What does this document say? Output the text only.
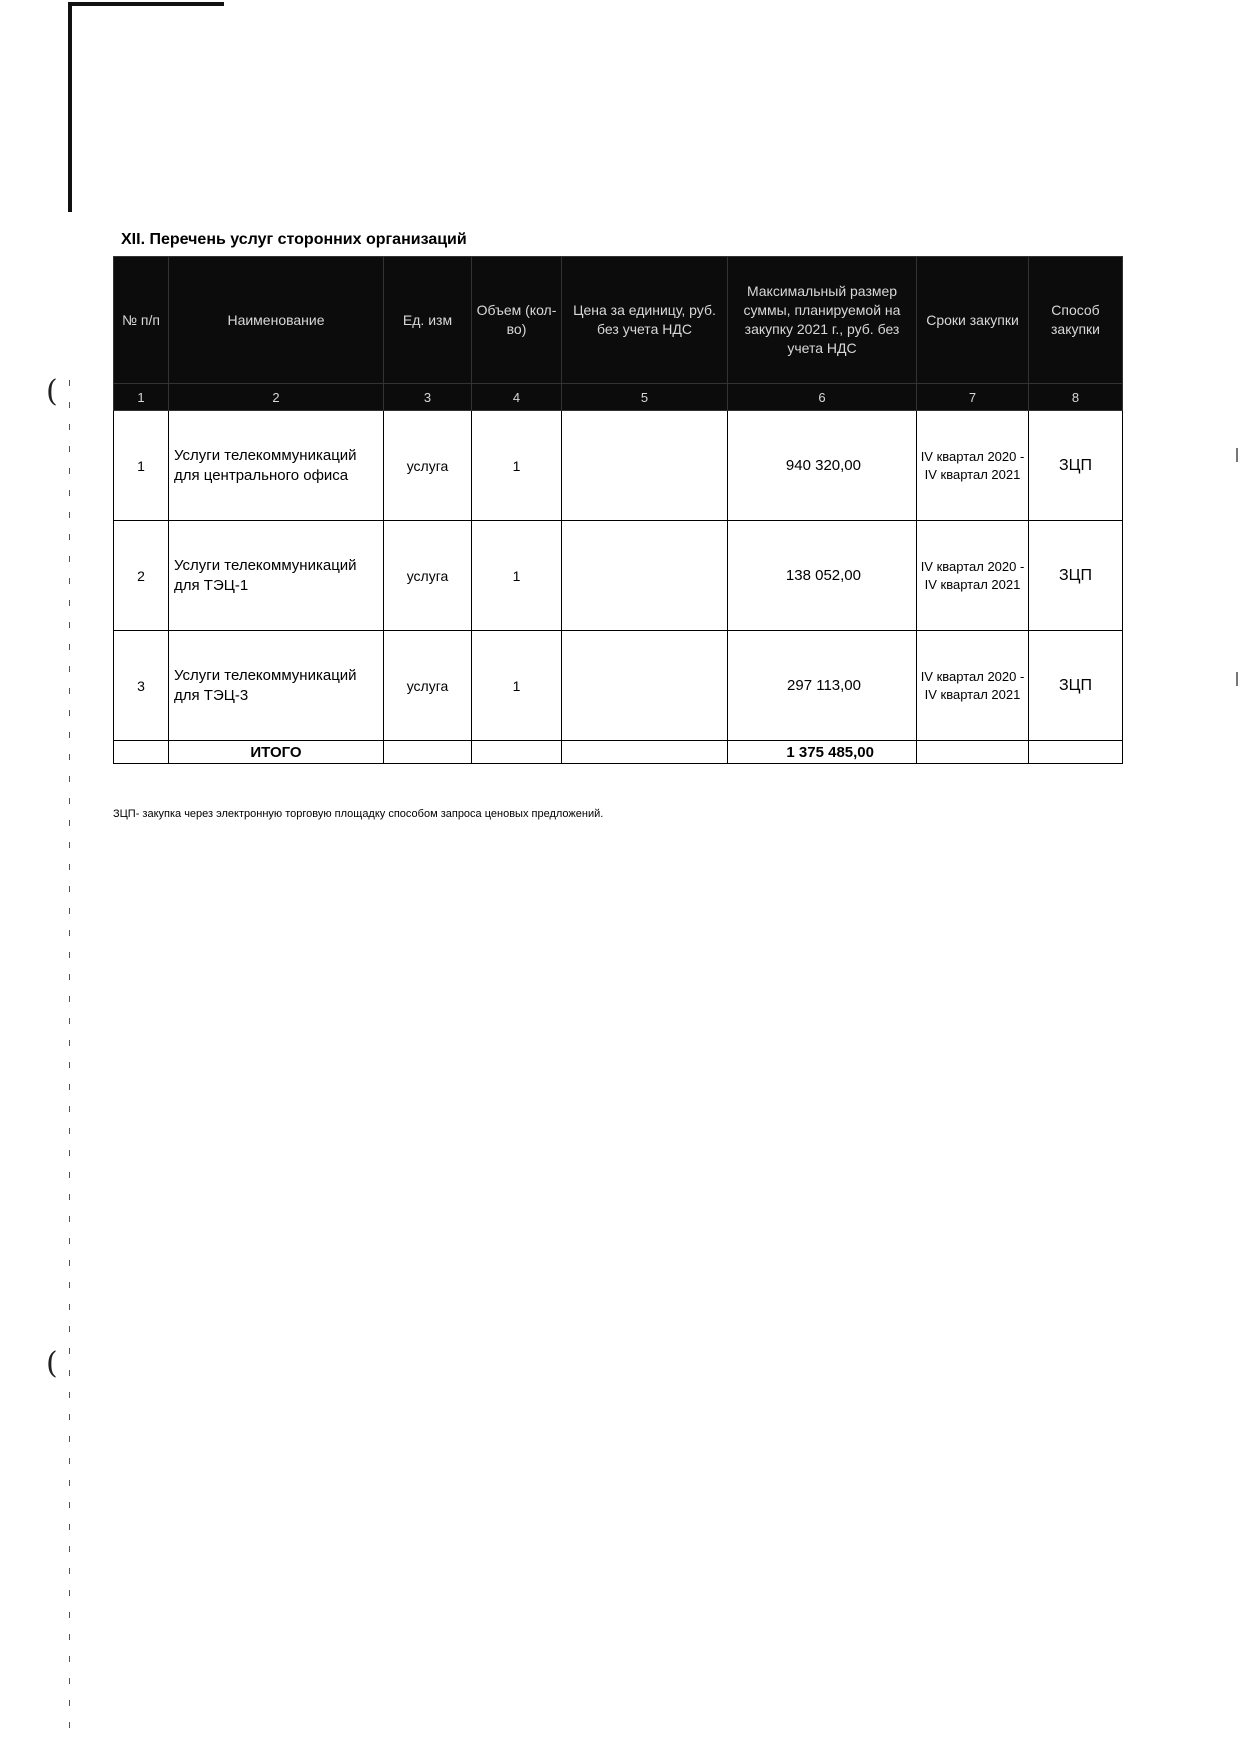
(
(
XII. Перечень услуг сторонних организаций
№ п/п	Наименование	Ед. изм	Объем (кол-во)	Цена за единицу, руб. без учета НДС	Максимальный размер суммы, планируемой на закупку 2021 г., руб. без учета НДС	Сроки закупки	Способ закупки
1	2	3	4	5	6	7	8
1	Услуги телекоммуникаций для центрального офиса	услуга	1		940 320,00	IV квартал 2020 - IV квартал 2021	ЗЦП
2	Услуги телекоммуникаций для ТЭЦ-1	услуга	1		138 052,00	IV квартал 2020 - IV квартал 2021	ЗЦП
3	Услуги телекоммуникаций для ТЭЦ-3	услуга	1		297 113,00	IV квартал 2020 - IV квартал 2021	ЗЦП
	ИТОГО				1 375 485,00		
ЗЦП- закупка через электронную торговую площадку способом запроса ценовых предложений.
